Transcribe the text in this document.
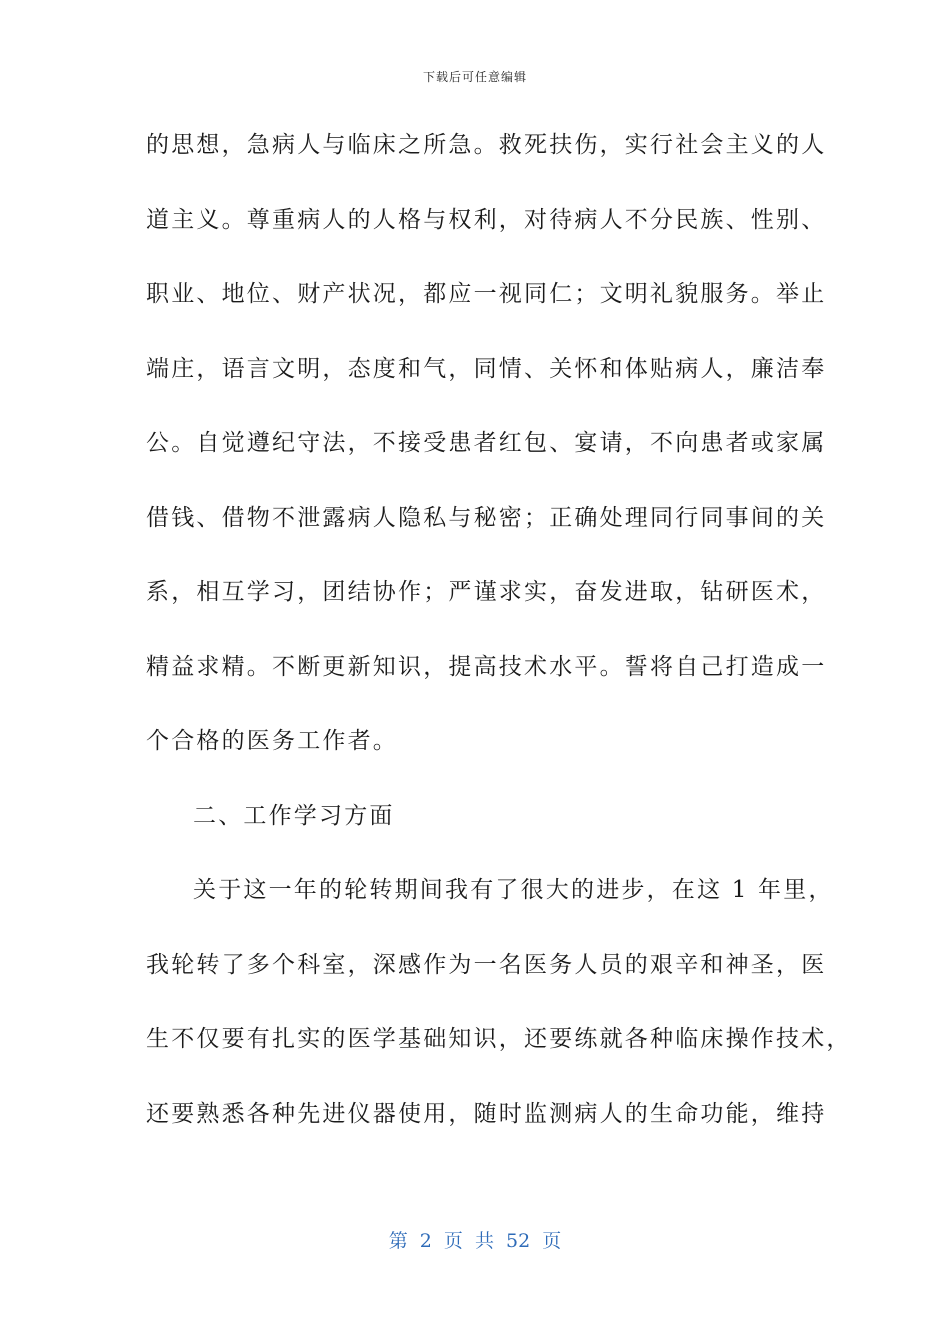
下载后可任意编辑
的思想，急病人与临床之所急。救死扶伤，实行社会主义的人
道主义。尊重病人的人格与权利，对待病人不分民族、性别、
职业、地位、财产状况，都应一视同仁；文明礼貌服务。举止
端庄，语言文明，态度和气，同情、关怀和体贴病人，廉洁奉
公。自觉遵纪守法，不接受患者红包、宴请，不向患者或家属
借钱、借物不泄露病人隐私与秘密；正确处理同行同事间的关
系，相互学习，团结协作；严谨求实，奋发进取，钻研医术，
精益求精。不断更新知识，提高技术水平。誓将自己打造成一
个合格的医务工作者。
二、工作学习方面
关于这一年的轮转期间我有了很大的进步，在这 1 年里，
我轮转了多个科室，深感作为一名医务人员的艰辛和神圣，医
生不仅要有扎实的医学基础知识，还要练就各种临床操作技术，
还要熟悉各种先进仪器使用，随时监测病人的生命功能，维持
第 2 页 共 52 页
